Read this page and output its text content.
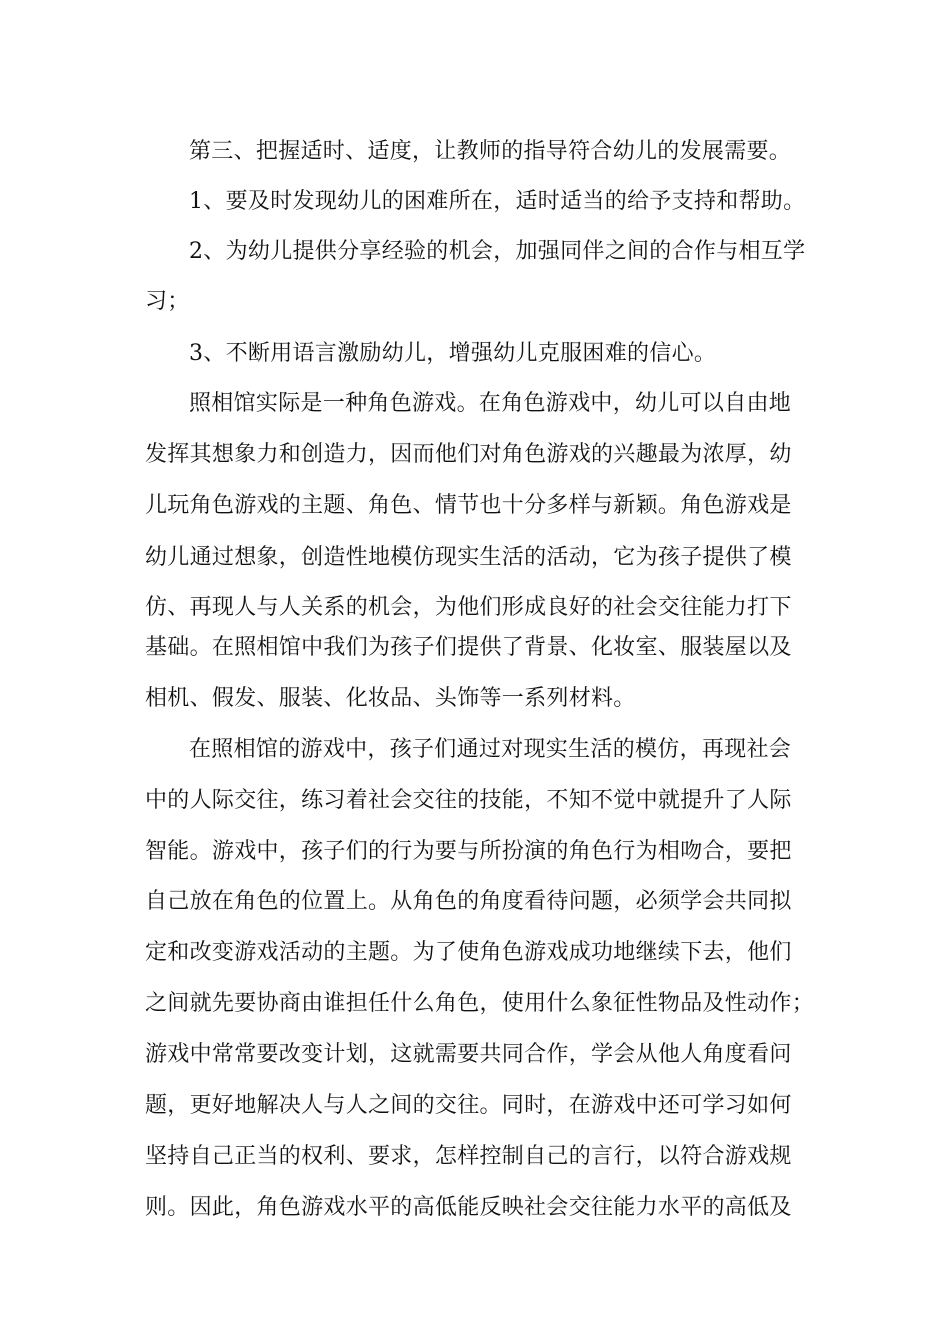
第三、把握适时、适度，让教师的指导符合幼儿的发展需要。
1、要及时发现幼儿的困难所在，适时适当的给予支持和帮助。
2、为幼儿提供分享经验的机会，加强同伴之间的合作与相互学
习；
3、不断用语言激励幼儿，增强幼儿克服困难的信心。
照相馆实际是一种角色游戏。在角色游戏中，幼儿可以自由地
发挥其想象力和创造力，因而他们对角色游戏的兴趣最为浓厚，幼
儿玩角色游戏的主题、角色、情节也十分多样与新颖。角色游戏是
幼儿通过想象，创造性地模仿现实生活的活动，它为孩子提供了模
仿、再现人与人关系的机会，为他们形成良好的社会交往能力打下
基础。在照相馆中我们为孩子们提供了背景、化妆室、服装屋以及
相机、假发、服装、化妆品、头饰等一系列材料。
在照相馆的游戏中，孩子们通过对现实生活的模仿，再现社会
中的人际交往，练习着社会交往的技能，不知不觉中就提升了人际
智能。游戏中，孩子们的行为要与所扮演的角色行为相吻合，要把
自己放在角色的位置上。从角色的角度看待问题，必须学会共同拟
定和改变游戏活动的主题。为了使角色游戏成功地继续下去，他们
之间就先要协商由谁担任什么角色，使用什么象征性物品及性动作；
游戏中常常要改变计划，这就需要共同合作，学会从他人角度看问
题，更好地解决人与人之间的交往。同时，在游戏中还可学习如何
坚持自己正当的权利、要求，怎样控制自己的言行，以符合游戏规
则。因此，角色游戏水平的高低能反映社会交往能力水平的高低及
